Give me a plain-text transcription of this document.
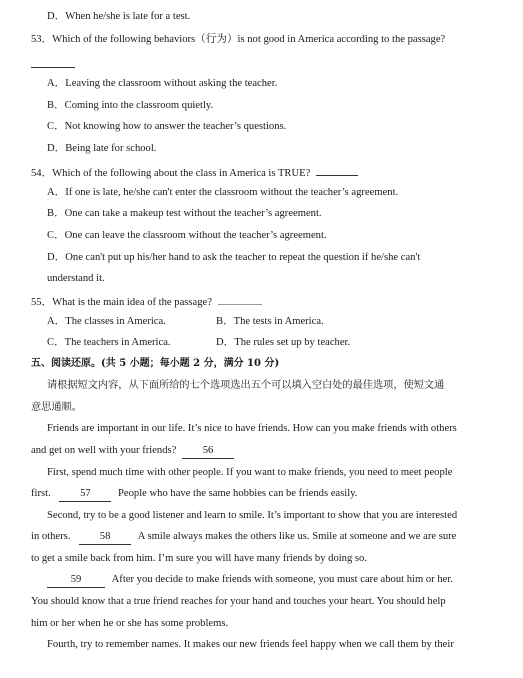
D．When he/she is late for a test.
53．Which of the following behaviors（行为）is not good in America according to the passage?
A．Leaving the classroom without asking the teacher.
B．Coming into the classroom quietly.
C．Not knowing how to answer the teacher’s questions.
D．Being late for school.
54．Which of the following about the class in America is TRUE?
A．If one is late, he/she can't enter the classroom without the teacher’s agreement.
B．One can take a makeup test without the teacher’s agreement.
C．One can leave the classroom without the teacher’s agreement.
D．One can't put up his/her hand to ask the teacher to repeat the question if he/she can't
understand it.
55．What is the main idea of the passage?
A．The classes in America.	B．The tests in America.
C．The teachers in America.	D．The rules set up by teacher.
五、阅读还原。(共 5 小题；每小题 2 分，满分 10 分)
请根据短文内容，从下面所给的七个选项选出五个可以填入空白处的最佳选项，使短文通
意思通顺。
Friends are important in our life. It’s nice to have friends. How can you make friends with others
and get on well with your friends? 56
First, spend much time with other people. If you want to make friends, you need to meet people
first.	57	People who have the same hobbies can be friends easily.
Second, try to be a good listener and learn to smile. It’s important to show that you are interested
in others.	58	A smile always makes the others like us. Smile at someone and we are sure
to get a smile back from him. I’m sure you will have many friends by doing so.
59	After you decide to make friends with someone, you must care about him or her.
You should know that a true friend reaches for your hand and touches your heart. You should help
him or her when he or she has some problems.
Fourth, try to remember names. It makes our new friends feel happy when we call them by their
